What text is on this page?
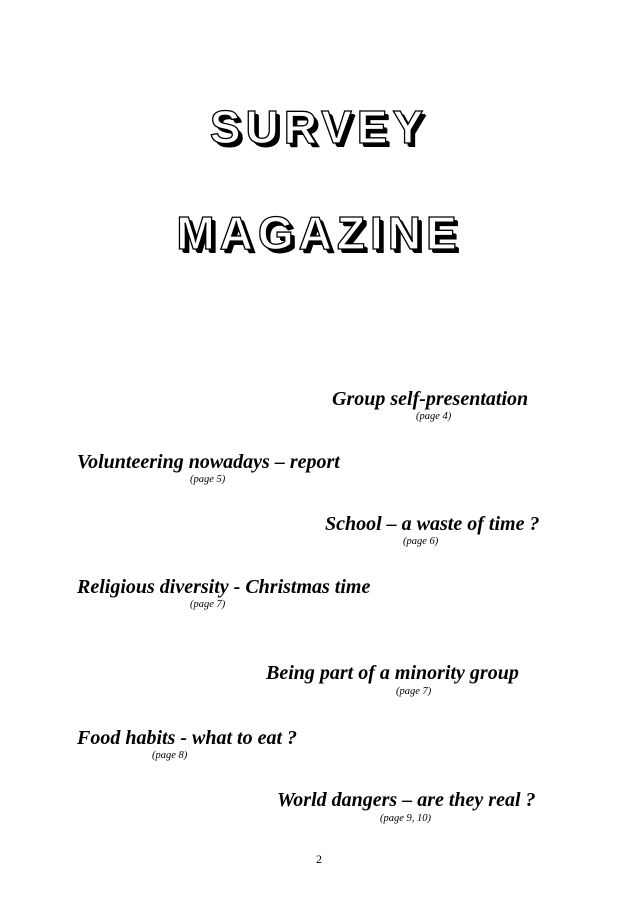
SURVEY
MAGAZINE
Group self-presentation
(page 4)
Volunteering nowadays – report
(page 5)
School – a waste of time ?
(page 6)
Religious diversity - Christmas time
(page 7)
Being part of a minority group
(page 7)
Food habits - what to eat ?
(page 8)
World dangers – are they real ?
(page 9, 10)
2
